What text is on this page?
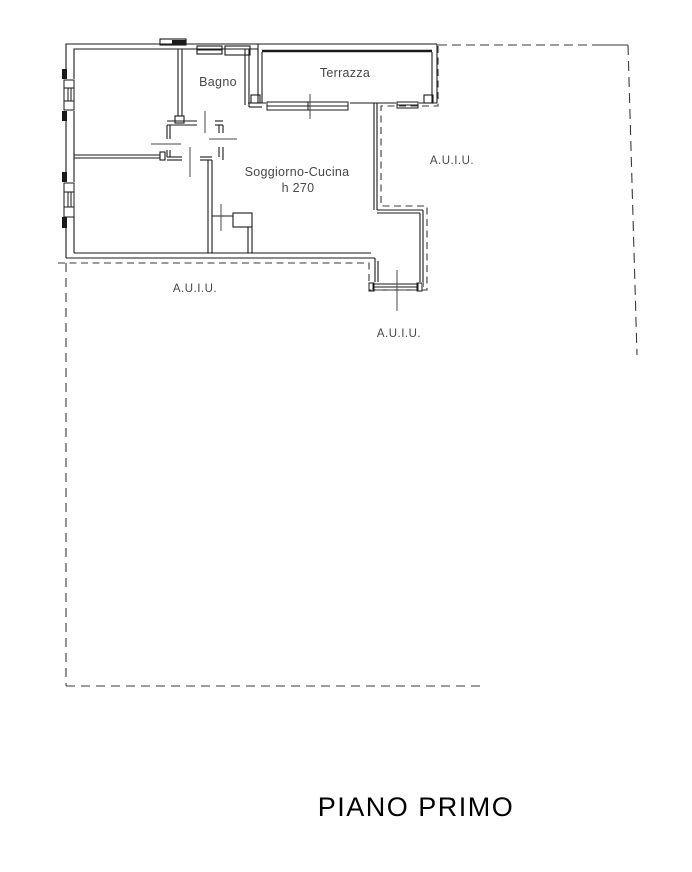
Bagno
Terrazza
Soggiorno-Cucina
h 270
A.U.I.U.
A.U.I.U.
A.U.I.U.
PIANO PRIMO
